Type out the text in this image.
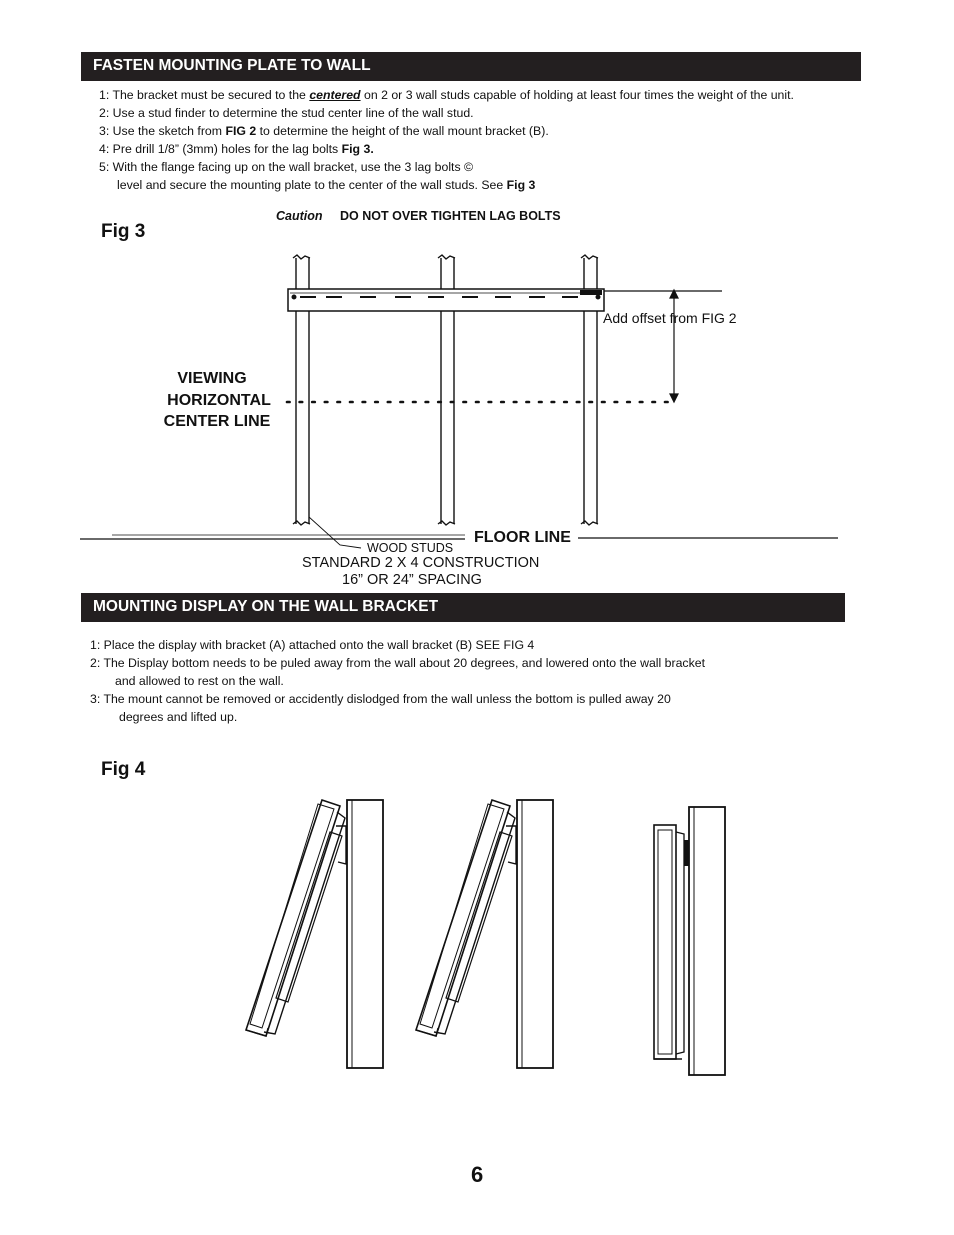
FASTEN MOUNTING PLATE TO WALL
1: The bracket must be secured to the centered on 2 or 3 wall studs capable of holding at least four times the weight of the unit.
2: Use a stud finder to determine the stud center line of the wall stud.
3: Use the sketch from FIG 2 to determine the height of the wall mount bracket (B).
4: Pre drill 1/8” (3mm) holes for the lag bolts Fig 3.
5: With the flange facing up on the wall bracket, use the 3 lag bolts ©
level and secure the mounting plate to the center of the wall studs. See Fig 3
Caution DO NOT OVER TIGHTEN LAG BOLTS
Fig 3
Add offset from FIG 2
VIEWING
HORIZONTAL
CENTER LINE
FLOOR LINE
WOOD STUDS
STANDARD 2 X 4 CONSTRUCTION
16” OR 24” SPACING
MOUNTING DISPLAY ON THE WALL BRACKET
1: Place the display with bracket (A) attached onto the wall bracket (B) SEE FIG 4
2: The Display bottom needs to be puled away from the wall about 20 degrees, and lowered onto the wall bracket
and allowed to rest on the wall.
3: The mount cannot be removed or accidently dislodged from the wall unless the bottom is pulled away 20
degrees and lifted up.
Fig 4
6
